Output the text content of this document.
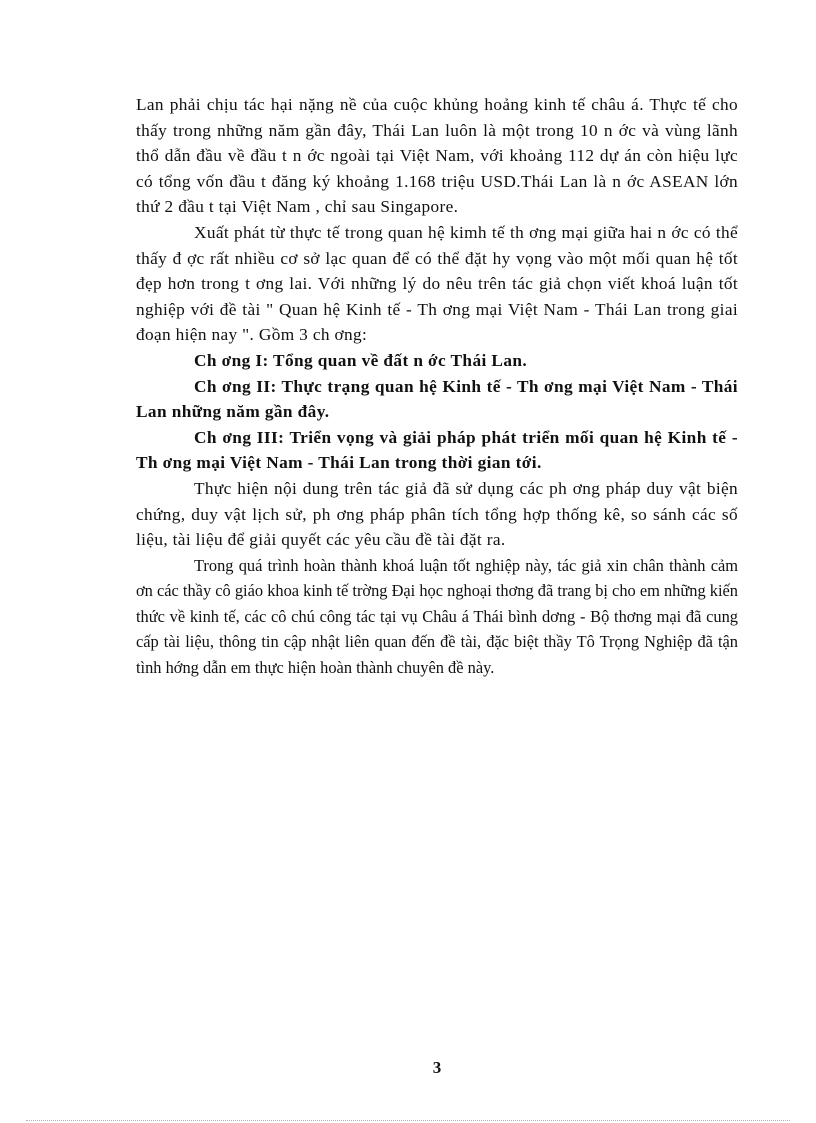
Lan phải chịu tác hại nặng nề của cuộc khủng hoảng kinh tế châu á. Thực tế cho thấy trong những năm gần đây, Thái Lan luôn là một trong 10 n ớc và vùng lãnh thổ dẫn đầu về đầu t n ớc ngoài tại Việt Nam, với khoảng 112 dự án còn hiệu lực có tổng vốn đầu t đăng ký khoảng 1.168 triệu USD.Thái Lan là n ớc ASEAN lớn thứ 2 đầu t tại Việt Nam , chỉ sau Singapore.

Xuất phát từ thực tế trong quan hệ kimh tế th ơng mại giữa hai n ớc có thể thấy đ ợc rất nhiều cơ sở lạc quan để có thể đặt hy vọng vào một mối quan hệ tốt đẹp hơn trong t ơng lai. Với những lý do nêu trên tác giả chọn viết khoá luận tốt nghiệp với đề tài " Quan hệ Kinh tế - Th ơng mại Việt Nam - Thái Lan trong giai đoạn hiện nay ". Gồm 3 ch ơng:

Ch ơng I: Tổng quan về đất n ớc Thái Lan.

Ch ơng II: Thực trạng quan hệ Kinh tế - Th ơng mại Việt Nam - Thái Lan những năm gần đây.

Ch ơng III: Triển vọng và giải pháp phát triển mối quan hệ Kinh tế - Th ơng mại Việt Nam - Thái Lan trong thời gian tới.

Thực hiện nội dung trên tác giả đã sử dụng các ph ơng pháp duy vật biện chứng, duy vật lịch sử, ph ơng pháp phân tích tổng hợp thống kê, so sánh các số liệu, tài liệu để giải quyết các yêu cầu đề tài đặt ra.

Trong quá trình hoàn thành khoá luận tốt nghiệp này, tác giả xin chân thành cảm ơn các thầy cô giáo khoa kinh tế trờng Đại học nghoại thơng đã trang bị cho em những kiến thức về kinh tế, các cô chú công tác tại vụ Châu á Thái bình dơng - Bộ thơng mại đã cung cấp tài liệu, thông tin cập nhật liên quan đến đề tài, đặc biệt thầy Tô Trọng Nghiệp đã tận tình hớng dẫn em thực hiện hoàn thành chuyên đề này.

3
